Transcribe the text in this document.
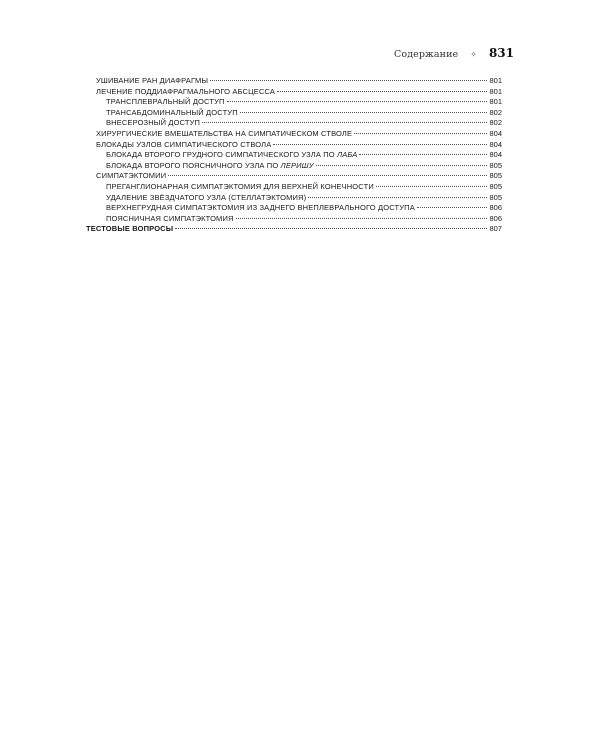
Содержание ✧ 831
УШИВАНИЕ РАН ДИАФРАГМЫ	801
ЛЕЧЕНИЕ ПОДДИАФРАГМАЛЬНОГО АБСЦЕССА	801
ТРАНСПЛЕВРАЛЬНЫЙ ДОСТУП	801
ТРАНСАБДОМИНАЛЬНЫЙ ДОСТУП	802
ВНЕСЕРОЗНЫЙ ДОСТУП	802
ХИРУРГИЧЕСКИЕ ВМЕШАТЕЛЬСТВА НА СИМПАТИЧЕСКОМ СТВОЛЕ	804
БЛОКАДЫ УЗЛОВ СИМПАТИЧЕСКОГО СТВОЛА	804
БЛОКАДА ВТОРОГО ГРУДНОГО СИМПАТИЧЕСКОГО УЗЛА ПО ЛАБА	804
БЛОКАДА ВТОРОГО ПОЯСНИЧНОГО УЗЛА ПО ЛЕРИШУ	805
СИМПАТЭКТОМИИ	805
ПРЕГАНГЛИОНАРНАЯ СИМПАТЭКТОМИЯ ДЛЯ ВЕРХНЕЙ КОНЕЧНОСТИ	805
УДАЛЕНИЕ ЗВЁЗДЧАТОГО УЗЛА (СТЕЛЛАТЭКТОМИЯ)	805
ВЕРХНЕГРУДНАЯ СИМПАТЭКТОМИЯ ИЗ ЗАДНЕГО ВНЕПЛЕВРАЛЬНОГО ДОСТУПА	806
ПОЯСНИЧНАЯ СИМПАТЭКТОМИЯ	806
ТЕСТОВЫЕ ВОПРОСЫ	807
